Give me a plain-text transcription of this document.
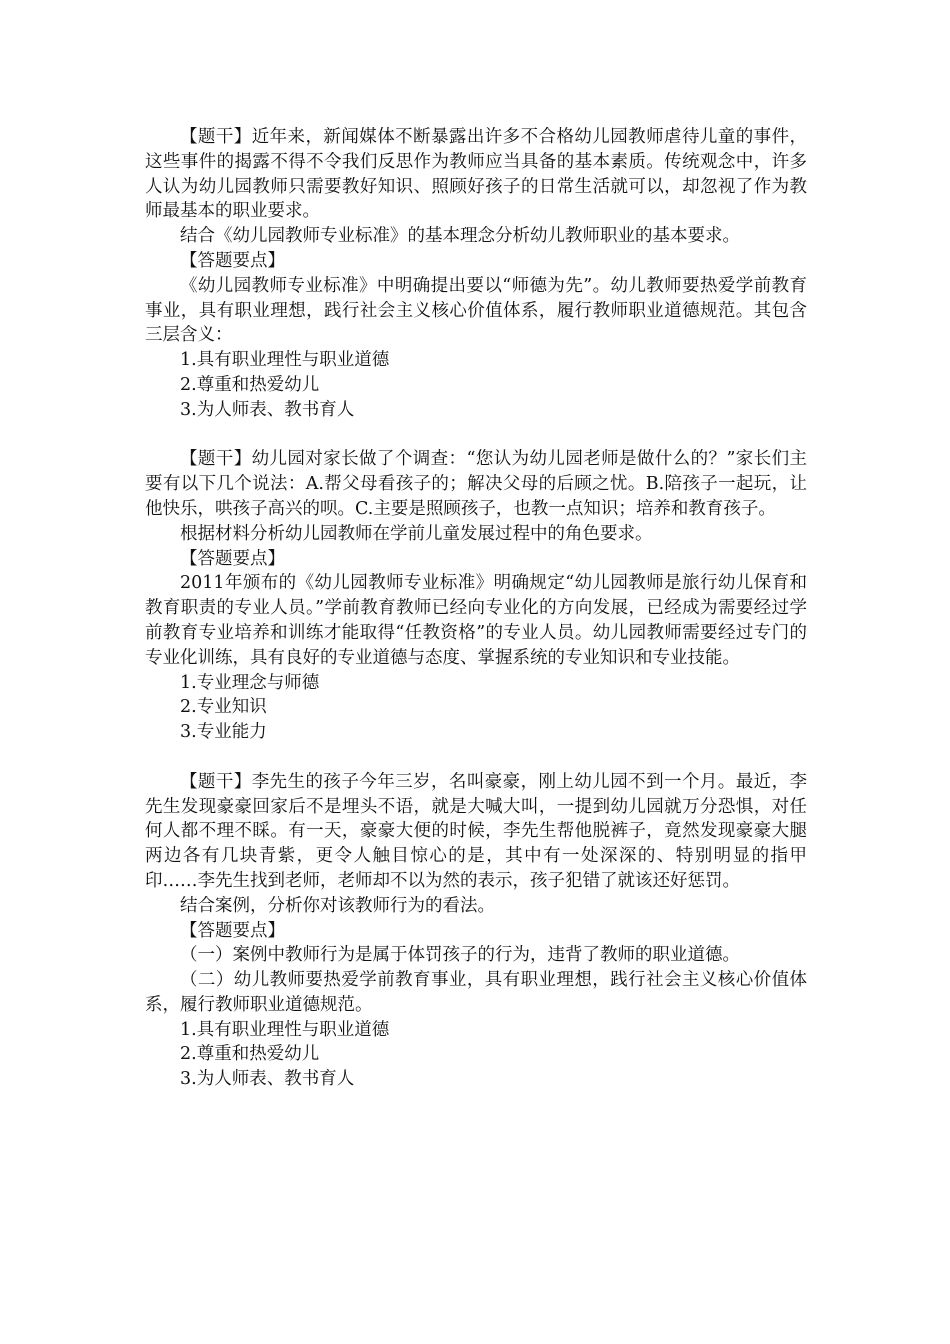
【题干】近年来，新闻媒体不断暴露出许多不合格幼儿园教师虐待儿童的事件，这些事件的揭露不得不令我们反思作为教师应当具备的基本素质。传统观念中，许多人认为幼儿园教师只需要教好知识、照顾好孩子的日常生活就可以，却忽视了作为教师最基本的职业要求。

结合《幼儿园教师专业标准》的基本理念分析幼儿教师职业的基本要求。

【答题要点】

《幼儿园教师专业标准》中明确提出要以“师德为先”。幼儿教师要热爱学前教育事业，具有职业理想，践行社会主义核心价值体系，履行教师职业道德规范。其包含三层含义：

1.具有职业理性与职业道德

2.尊重和热爱幼儿

3.为人师表、教书育人

【题干】幼儿园对家长做了个调查：“您认为幼儿园老师是做什么的？”家长们主要有以下几个说法：A.帮父母看孩子的；解决父母的后顾之忧。B.陪孩子一起玩，让他快乐，哄孩子高兴的呗。C.主要是照顾孩子，也教一点知识；培养和教育孩子。

根据材料分析幼儿园教师在学前儿童发展过程中的角色要求。

【答题要点】

2011年颁布的《幼儿园教师专业标准》明确规定“幼儿园教师是旅行幼儿保育和教育职责的专业人员。”学前教育教师已经向专业化的方向发展，已经成为需要经过学前教育专业培养和训练才能取得“任教资格”的专业人员。幼儿园教师需要经过专门的专业化训练，具有良好的专业道德与态度、掌握系统的专业知识和专业技能。

1.专业理念与师德

2.专业知识

3.专业能力

【题干】李先生的孩子今年三岁，名叫豪豪，刚上幼儿园不到一个月。最近，李先生发现豪豪回家后不是埋头不语，就是大喊大叫，一提到幼儿园就万分恐惧，对任何人都不理不睬。有一天，豪豪大便的时候，李先生帮他脱裤子，竟然发现豪豪大腿两边各有几块青紫，更令人触目惊心的是，其中有一处深深的、特别明显的指甲印……李先生找到老师，老师却不以为然的表示，孩子犯错了就该还好惩罚。

结合案例，分析你对该教师行为的看法。

【答题要点】

（一）案例中教师行为是属于体罚孩子的行为，违背了教师的职业道德。

（二）幼儿教师要热爱学前教育事业，具有职业理想，践行社会主义核心价值体系，履行教师职业道德规范。

1.具有职业理性与职业道德

2.尊重和热爱幼儿

3.为人师表、教书育人
